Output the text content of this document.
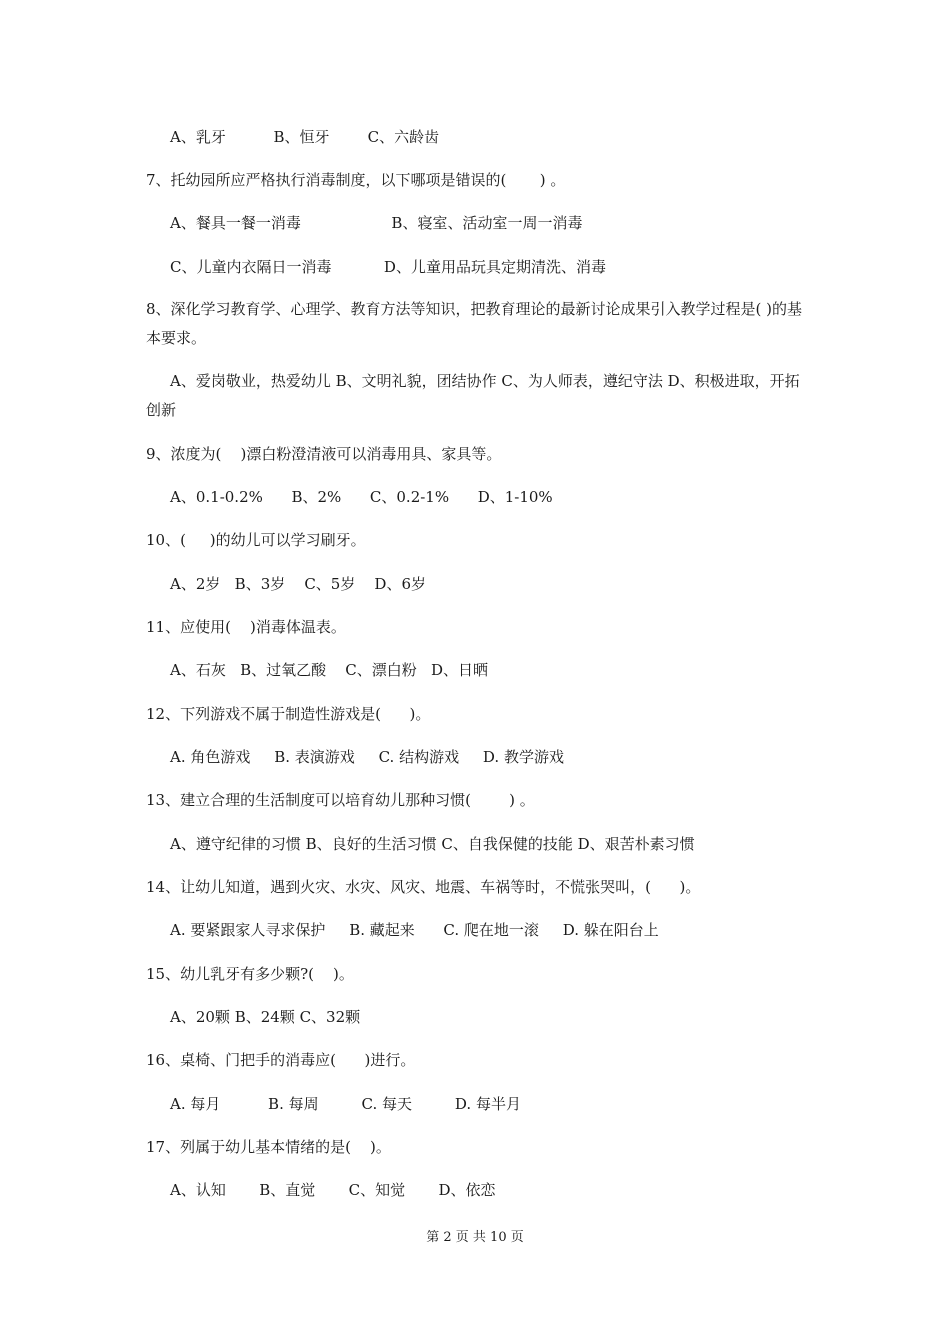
A、乳牙          B、恒牙        C、六龄齿
7、托幼园所应严格执行消毒制度，以下哪项是错误的(       ) 。
A、餐具一餐一消毒                   B、寝室、活动室一周一消毒
C、儿童内衣隔日一消毒           D、儿童用品玩具定期清洗、消毒
8、深化学习教育学、心理学、教育方法等知识，把教育理论的最新讨论成果引入教学过程是( )的基本要求。
A、爱岗敬业，热爱幼儿 B、文明礼貌，团结协作 C、为人师表，遵纪守法 D、积极进取，开拓创新
9、浓度为(    )漂白粉澄清液可以消毒用具、家具等。
A、0.1-0.2%      B、2%      C、0.2-1%      D、1-10%
10、(     )的幼儿可以学习刷牙。
A、2岁   B、3岁    C、5岁    D、6岁
11、应使用(    )消毒体温表。
A、石灰   B、过氧乙酸    C、漂白粉   D、日晒
12、下列游戏不属于制造性游戏是(      )。
A. 角色游戏     B. 表演游戏     C. 结构游戏     D. 教学游戏
13、建立合理的生活制度可以培育幼儿那种习惯(        ) 。
A、遵守纪律的习惯 B、良好的生活习惯 C、自我保健的技能 D、艰苦朴素习惯
14、让幼儿知道，遇到火灾、水灾、风灾、地震、车祸等时，不慌张哭叫，(      )。
A. 要紧跟家人寻求保护     B. 藏起来      C. 爬在地一滚     D. 躲在阳台上
15、幼儿乳牙有多少颗?(    )。
A、20颗 B、24颗 C、32颗
16、桌椅、门把手的消毒应(      )进行。
A. 每月          B. 每周         C. 每天         D. 每半月
17、列属于幼儿基本情绪的是(    )。
A、认知       B、直觉       C、知觉       D、依恋
第 2 页 共 10 页
